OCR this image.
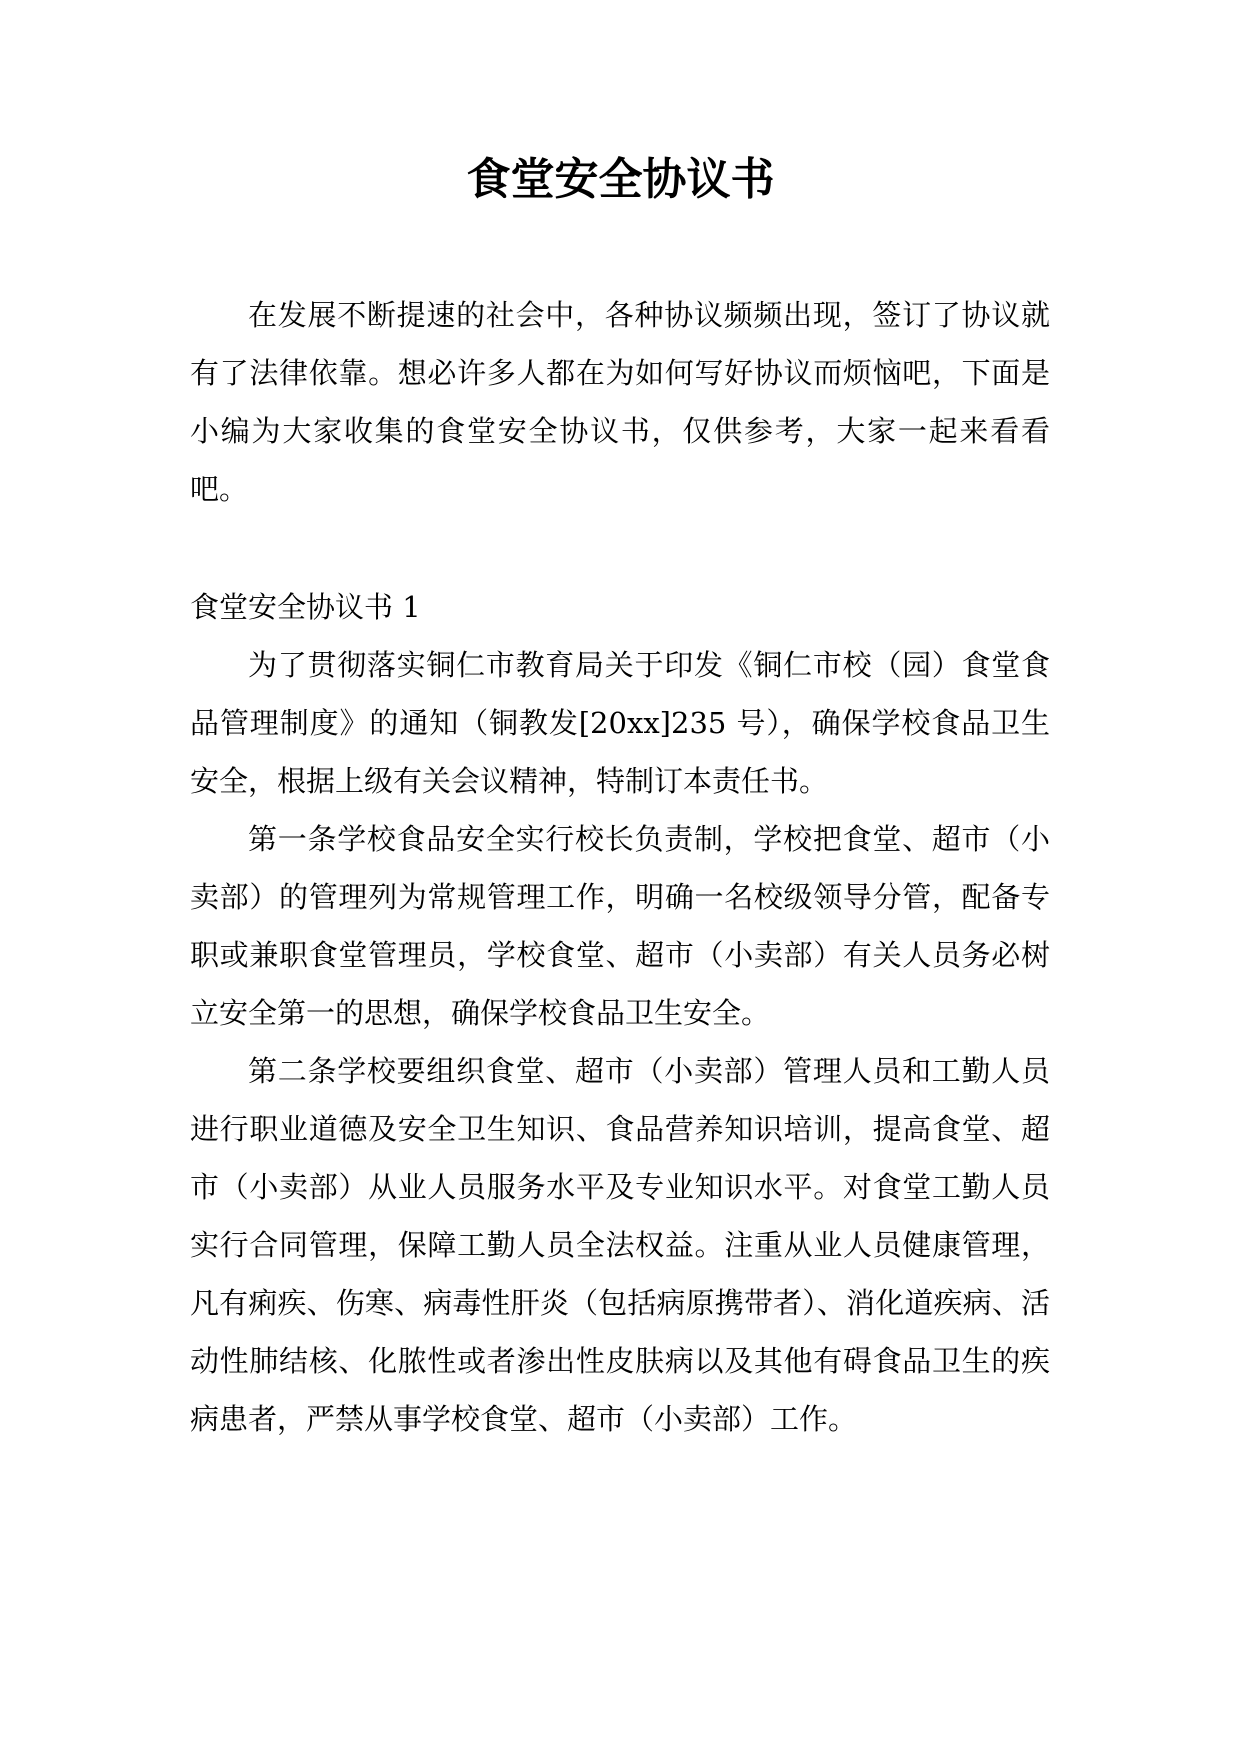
食堂安全协议书

在发展不断提速的社会中，各种协议频频出现，签订了协议就有了法律依靠。想必许多人都在为如何写好协议而烦恼吧，下面是小编为大家收集的食堂安全协议书，仅供参考，大家一起来看看吧。

食堂安全协议书 1

为了贯彻落实铜仁市教育局关于印发《铜仁市校（园）食堂食品管理制度》的通知（铜教发[20xx]235 号），确保学校食品卫生安全，根据上级有关会议精神，特制订本责任书。

第一条学校食品安全实行校长负责制，学校把食堂、超市（小卖部）的管理列为常规管理工作，明确一名校级领导分管，配备专职或兼职食堂管理员，学校食堂、超市（小卖部）有关人员务必树立安全第一的思想，确保学校食品卫生安全。

第二条学校要组织食堂、超市（小卖部）管理人员和工勤人员进行职业道德及安全卫生知识、食品营养知识培训，提高食堂、超市（小卖部）从业人员服务水平及专业知识水平。对食堂工勤人员实行合同管理，保障工勤人员全法权益。注重从业人员健康管理，凡有痢疾、伤寒、病毒性肝炎（包括病原携带者）、消化道疾病、活动性肺结核、化脓性或者渗出性皮肤病以及其他有碍食品卫生的疾病患者，严禁从事学校食堂、超市（小卖部）工作。
